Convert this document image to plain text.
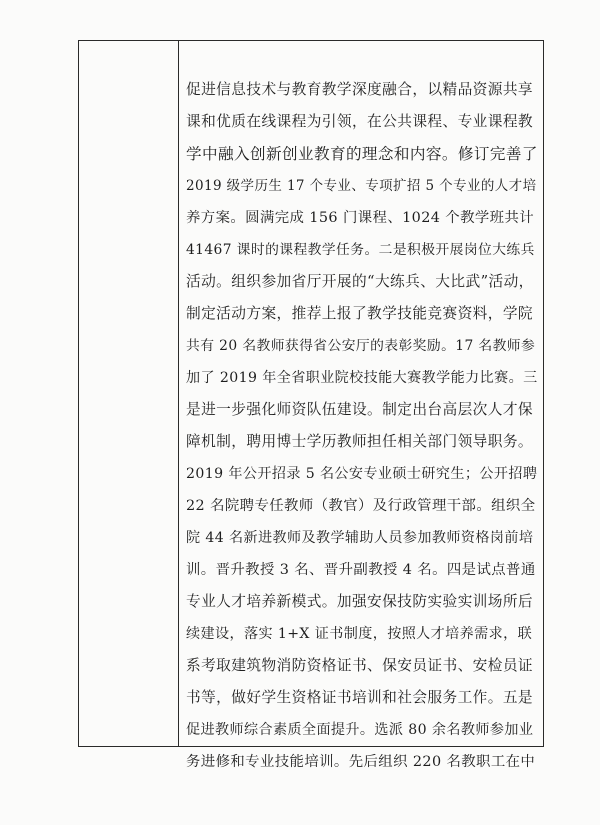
促进信息技术与教育教学深度融合，以精品资源共享
课和优质在线课程为引领，在公共课程、专业课程教
学中融入创新创业教育的理念和内容。修订完善了
2019 级学历生 17 个专业、专项扩招 5 个专业的人才培
养方案。圆满完成 156 门课程、1024 个教学班共计
41467 课时的课程教学任务。二是积极开展岗位大练兵
活动。组织参加省厅开展的“大练兵、大比武”活动，
制定活动方案，推荐上报了教学技能竞赛资料，学院
共有 20 名教师获得省公安厅的表彰奖励。17 名教师参
加了 2019 年全省职业院校技能大赛教学能力比赛。三
是进一步强化师资队伍建设。制定出台高层次人才保
障机制，聘用博士学历教师担任相关部门领导职务。
2019 年公开招录 5 名公安专业硕士研究生；公开招聘
22 名院聘专任教师（教官）及行政管理干部。组织全
院 44 名新进教师及教学辅助人员参加教师资格岗前培
训。晋升教授 3 名、晋升副教授 4 名。四是试点普通
专业人才培养新模式。加强安保技防实验实训场所后
续建设，落实 1+X 证书制度，按照人才培养需求，联
系考取建筑物消防资格证书、保安员证书、安检员证
书等，做好学生资格证书培训和社会服务工作。五是
促进教师综合素质全面提升。选派 80 余名教师参加业
务进修和专业技能培训。先后组织 220 名教职工在中
